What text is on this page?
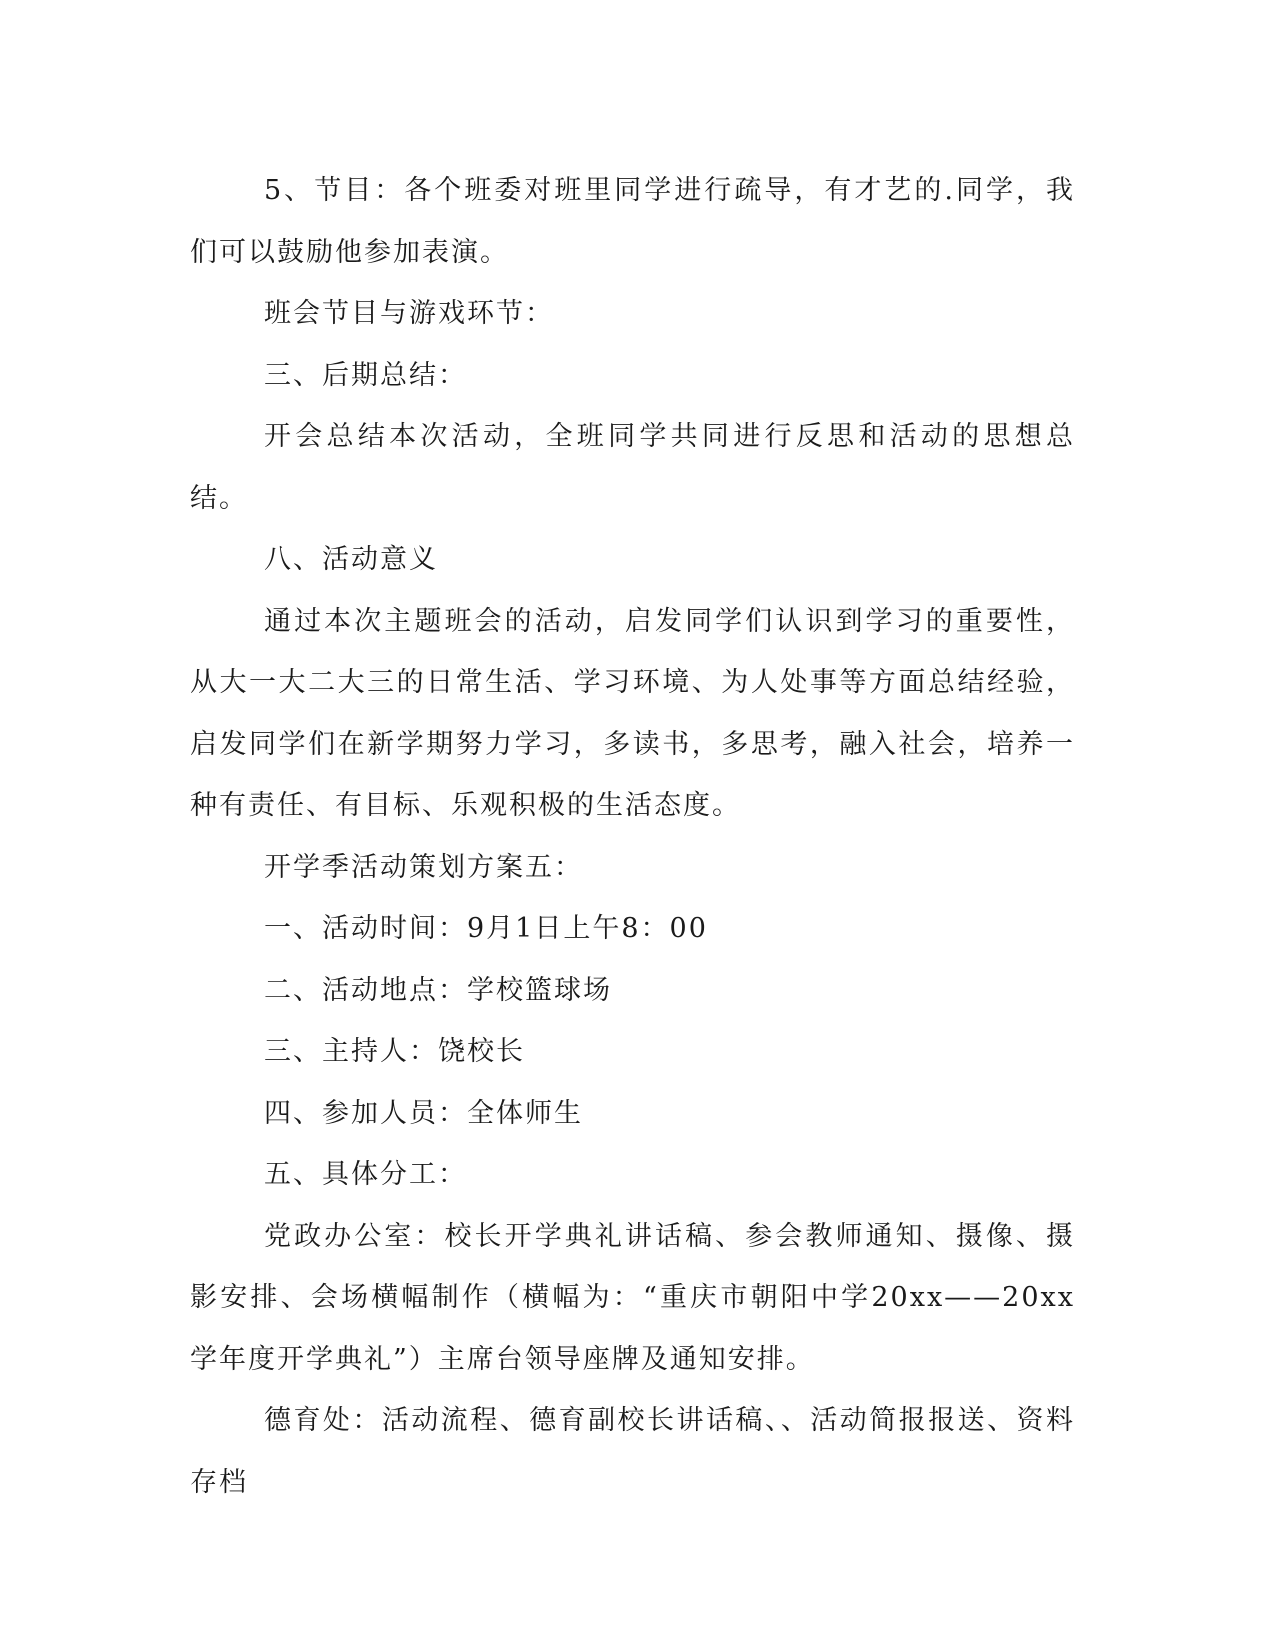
5、节目：各个班委对班里同学进行疏导，有才艺的.同学，我们可以鼓励他参加表演。

班会节目与游戏环节：

三、后期总结：

开会总结本次活动，全班同学共同进行反思和活动的思想总结。

八、活动意义

通过本次主题班会的活动，启发同学们认识到学习的重要性，从大一大二大三的日常生活、学习环境、为人处事等方面总结经验，启发同学们在新学期努力学习，多读书，多思考，融入社会，培养一种有责任、有目标、乐观积极的生活态度。

开学季活动策划方案五：

一、活动时间：9月1日上午8：00

二、活动地点：学校篮球场

三、主持人：饶校长

四、参加人员：全体师生

五、具体分工：

党政办公室：校长开学典礼讲话稿、参会教师通知、摄像、摄影安排、会场横幅制作（横幅为：“重庆市朝阳中学20xx——20xx学年度开学典礼”）主席台领导座牌及通知安排。

德育处：活动流程、德育副校长讲话稿、、活动简报报送、资料存档
